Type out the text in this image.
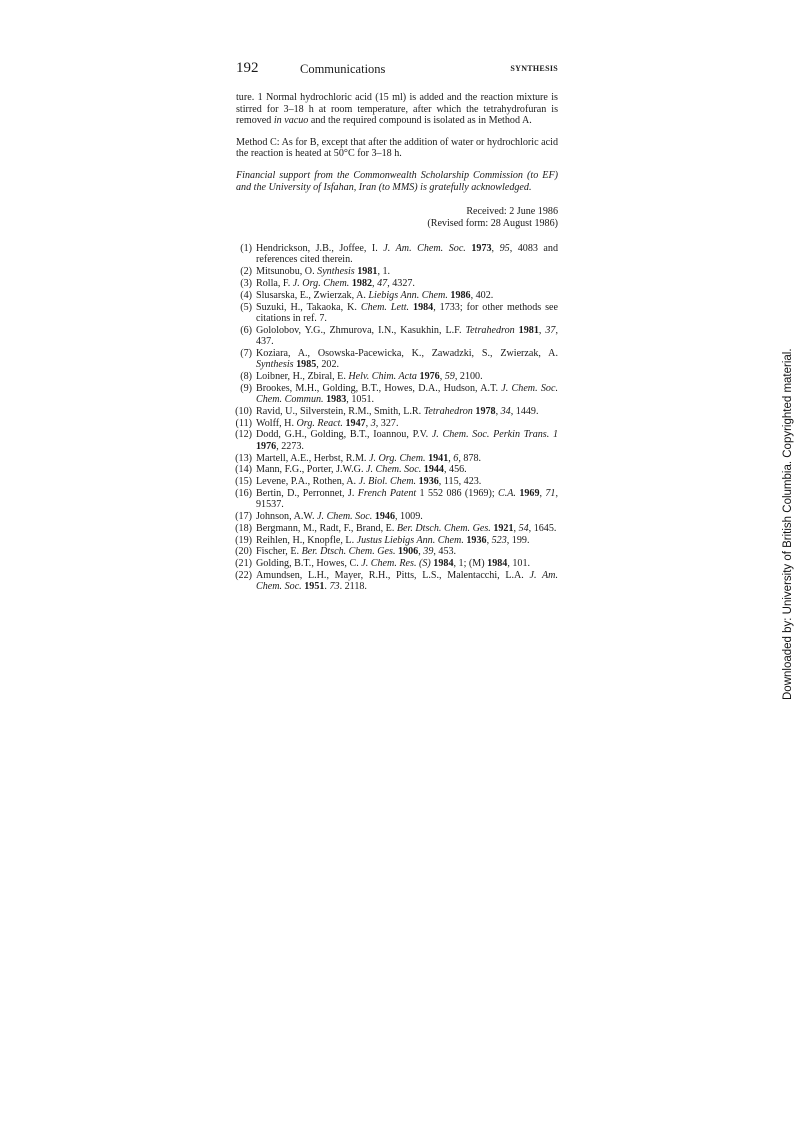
192	Communications	SYNTHESIS

ture. 1 Normal hydrochloric acid (15 ml) is added and the reaction mixture is stirred for 3–18 h at room temperature, after which the tetrahydrofuran is removed in vacuo and the required compound is isolated as in Method A.

Method C: As for B, except that after the addition of water or hydrochloric acid the reaction is heated at 50°C for 3–18 h.

Financial support from the Commonwealth Scholarship Commission (to EF) and the University of Isfahan, Iran (to MMS) is gratefully acknowledged.

Received: 2 June 1986
(Revised form: 28 August 1986)
(1) Hendrickson, J.B., Joffee, I. J. Am. Chem. Soc. 1973, 95, 4083 and references cited therein.
(2) Mitsunobu, O. Synthesis 1981, 1.
(3) Rolla, F. J. Org. Chem. 1982, 47, 4327.
(4) Slusarska, E., Zwierzak, A. Liebigs Ann. Chem. 1986, 402.
(5) Suzuki, H., Takaoka, K. Chem. Lett. 1984, 1733; for other methods see citations in ref. 7.
(6) Gololobov, Y.G., Zhmurova, I.N., Kasukhin, L.F. Tetrahedron 1981, 37, 437.
(7) Koziara, A., Osowska-Pacewicka, K., Zawadzki, S., Zwierzak, A. Synthesis 1985, 202.
(8) Loibner, H., Zbiral, E. Helv. Chim. Acta 1976, 59, 2100.
(9) Brookes, M.H., Golding, B.T., Howes, D.A., Hudson, A.T. J. Chem. Soc. Chem. Commun. 1983, 1051.
(10) Ravid, U., Silverstein, R.M., Smith, L.R. Tetrahedron 1978, 34, 1449.
(11) Wolff, H. Org. React. 1947, 3, 327.
(12) Dodd, G.H., Golding, B.T., Ioannou, P.V. J. Chem. Soc. Perkin Trans. 1 1976, 2273.
(13) Martell, A.E., Herbst, R.M. J. Org. Chem. 1941, 6, 878.
(14) Mann, F.G., Porter, J.W.G. J. Chem. Soc. 1944, 456.
(15) Levene, P.A., Rothen, A. J. Biol. Chem. 1936, 115, 423.
(16) Bertin, D., Perronnet, J. French Patent 1 552 086 (1969); C.A. 1969, 71, 91537.
(17) Johnson, A.W. J. Chem. Soc. 1946, 1009.
(18) Bergmann, M., Radt, F., Brand, E. Ber. Dtsch. Chem. Ges. 1921, 54, 1645.
(19) Reihlen, H., Knopfle, L. Justus Liebigs Ann. Chem. 1936, 523, 199.
(20) Fischer, E. Ber. Dtsch. Chem. Ges. 1906, 39, 453.
(21) Golding, B.T., Howes, C. J. Chem. Res. (S) 1984, 1; (M) 1984, 101.
(22) Amundsen, L.H., Mayer, R.H., Pitts, L.S., Malentacchi, L.A. J. Am. Chem. Soc. 1951. 73. 2118.	Downloaded by: University of British Columbia. Copyrighted material.
